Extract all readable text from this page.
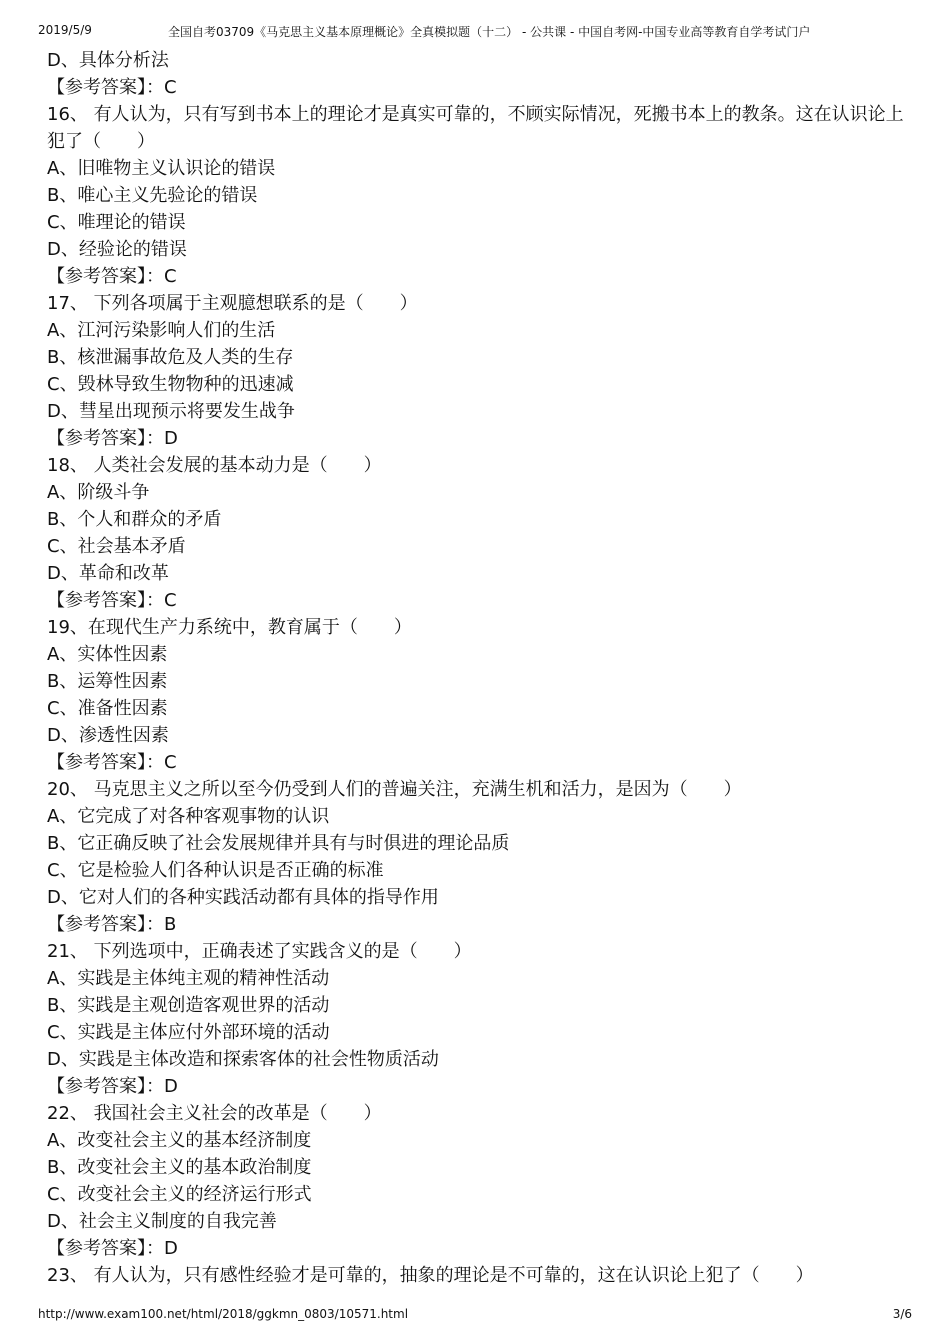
2019/5/9	全国自考03709《马克思主义基本原理概论》全真模拟题（十二） - 公共课 - 中国自考网-中国专业高等教育自学考试门户
D、具体分析法
【参考答案】：C
16、 有人认为，只有写到书本上的理论才是真实可靠的，不顾实际情况，死搬书本上的教条。这在认识论上犯了（　　）
A、旧唯物主义认识论的错误
B、唯心主义先验论的错误
C、唯理论的错误
D、经验论的错误
【参考答案】：C
17、 下列各项属于主观臆想联系的是（　　）
A、江河污染影响人们的生活
B、核泄漏事故危及人类的生存
C、毁林导致生物物种的迅速减
D、彗星出现预示将要发生战争
【参考答案】：D
18、 人类社会发展的基本动力是（　　）
A、阶级斗争
B、个人和群众的矛盾
C、社会基本矛盾
D、革命和改革
【参考答案】：C
19、在现代生产力系统中，教育属于（　　）
A、实体性因素
B、运筹性因素
C、准备性因素
D、渗透性因素
【参考答案】：C
20、 马克思主义之所以至今仍受到人们的普遍关注，充满生机和活力，是因为（　　）
A、它完成了对各种客观事物的认识
B、它正确反映了社会发展规律并具有与时俱进的理论品质
C、它是检验人们各种认识是否正确的标准
D、它对人们的各种实践活动都有具体的指导作用
【参考答案】：B
21、 下列选项中，正确表述了实践含义的是（　　）
A、实践是主体纯主观的精神性活动
B、实践是主观创造客观世界的活动
C、实践是主体应付外部环境的活动
D、实践是主体改造和探索客体的社会性物质活动
【参考答案】：D
22、 我国社会主义社会的改革是（　　）
A、改变社会主义的基本经济制度
B、改变社会主义的基本政治制度
C、改变社会主义的经济运行形式
D、社会主义制度的自我完善
【参考答案】：D
23、 有人认为，只有感性经验才是可靠的，抽象的理论是不可靠的，这在认识论上犯了（　　）
http://www.exam100.net/html/2018/ggkmn_0803/10571.html	3/6
